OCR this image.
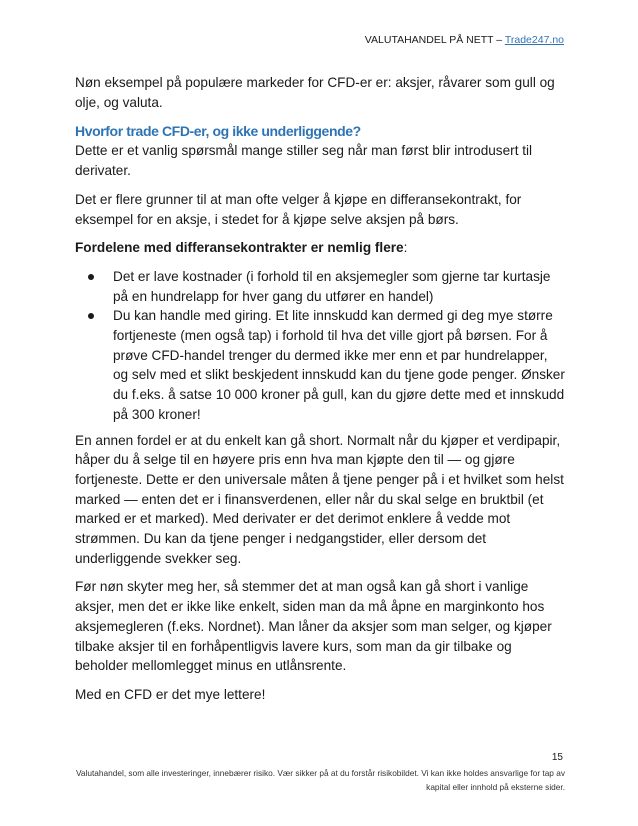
VALUTAHANDEL PÅ NETT – Trade247.no

Nøn eksempel på populære markeder for CFD-er er: aksjer, råvarer som gull og olje, og valuta.

Hvorfor trade CFD-er, og ikke underliggende?

Dette er et vanlig spørsmål mange stiller seg når man først blir introdusert til derivater.

Det er flere grunner til at man ofte velger å kjøpe en differansekontrakt, for eksempel for en aksje, i stedet for å kjøpe selve aksjen på børs.

Fordelene med differansekontrakter er nemlig flere:

Det er lave kostnader (i forhold til en aksjemegler som gjerne tar kurtasje på en hundrelapp for hver gang du utfører en handel)
Du kan handle med giring. Et lite innskudd kan dermed gi deg mye større fortjeneste (men også tap) i forhold til hva det ville gjort på børsen. For å prøve CFD-handel trenger du dermed ikke mer enn et par hundrelapper, og selv med et slikt beskjedent innskudd kan du tjene gode penger. Ønsker du f.eks. å satse 10 000 kroner på gull, kan du gjøre dette med et innskudd på 300 kroner!

En annen fordel er at du enkelt kan gå short. Normalt når du kjøper et verdipapir, håper du å selge til en høyere pris enn hva man kjøpte den til — og gjøre fortjeneste. Dette er den universale måten å tjene penger på i et hvilket som helst marked — enten det er i finansverdenen, eller når du skal selge en bruktbil (et marked er et marked). Med derivater er det derimot enklere å vedde mot strømmen. Du kan da tjene penger i nedgangstider, eller dersom det underliggende svekker seg.

Før nøn skyter meg her, så stemmer det at man også kan gå short i vanlige aksjer, men det er ikke like enkelt, siden man da må åpne en marginkonto hos aksjemegleren (f.eks. Nordnet). Man låner da aksjer som man selger, og kjøper tilbake aksjer til en forhåpentligvis lavere kurs, som man da gir tilbake og beholder mellomlegget minus en utlånsrente.

Med en CFD er det mye lettere!

15
Valutahandel, som alle investeringer, innebærer risiko. Vær sikker på at du forstår risikobildet. Vi kan ikke holdes ansvarlige for tap av kapital eller innhold på eksterne sider.
